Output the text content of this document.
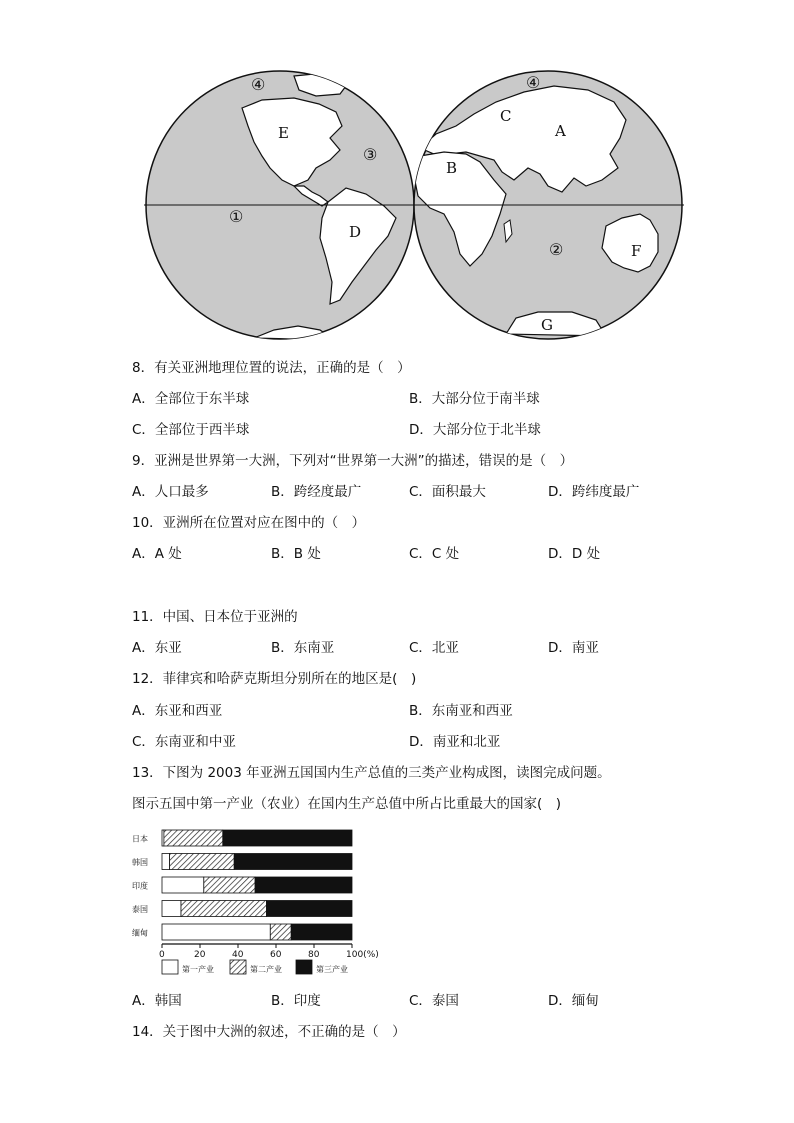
A
B
C
D
E
F
G
①
②
③
④	④
8．有关亚洲地理位置的说法，正确的是（　）
A．全部位于东半球	B．大部分位于南半球
C．全部位于西半球	D．大部分位于北半球
9．亚洲是世界第一大洲，下列对“世界第一大洲”的描述，错误的是（　）
A．人口最多	B．跨经度最广	C．面积最大	D．跨纬度最广
10．亚洲所在位置对应在图中的（　）
A．A 处	B．B 处	C．C 处	D．D 处
11．中国、日本位于亚洲的
A．东亚	B．东南亚	C．北亚	D．南亚
12．菲律宾和哈萨克斯坦分别所在的地区是(　)
A．东亚和西亚	B．东南亚和西亚
C．东南亚和中亚	D．南亚和北亚
13．下图为 2003 年亚洲五国国内生产总值的三类产业构成图，读图完成问题。
图示五国中第一产业（农业）在国内生产总值中所占比重最大的国家(　)
日本
韩国
印度
泰国
缅甸
0	20	40	60	80	100(%)
第一产业	第二产业	第三产业
A．韩国	B．印度	C．泰国	D．缅甸
14．关于图中大洲的叙述，不正确的是（　）
